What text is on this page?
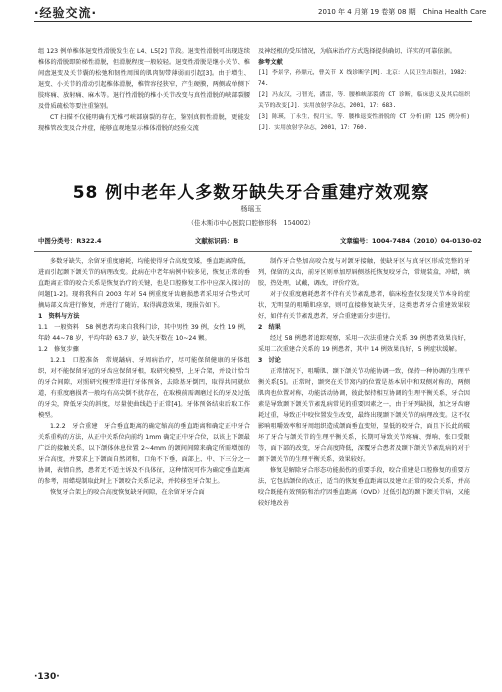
·经验交流·	2010 年 4 月第 19 卷第 08 期　China Health Care

组 123 例单椎体退变性滑脱发生在 L4、L5[2] 节段。退变性滑脱可出现连续椎体的滑脱即阶梯性滑脱，但滑脱程度一般较轻。退变性滑脱是继小关节、椎间盘退变及关节囊的松弛和韧性周围的肌肉韧带薄弱而引起[3]。由于增生、退变、小关节的滑动引起椎体滑脱，椎管容径狭窄，产生硬膜，两侧或单侧下肢疼痛、放射痛、麻木等。退行性滑脱的椎小关节改变与真性滑脱的峡部裂腰及骨质疏松等要注重鉴别。

CT 扫描不仅能明确有无椎弓峡部崩裂的存在，鉴别真假性滑脱，更能发现椎管改变及合并症，能够直观地显示椎体滑脱的经验交流

及神经根的受压情况，为临床治疗方式选择提供确切、详实的可靠依据。

参考文献

[1] 李景学，孙鼎元，曹关节 X 线诊断学[M]．北京：人民卫生出版社，1982：74.
[2] 冯友汉，刁智光，潘雷，等．腰椎峡部裂的 CT 诊断，临床患义及其后组织关节的改变[J]．实用放射学杂志，2001，17：683.
[3] 陈瑛，丁永生，倪月宝，等．腰椎退变性滑脱的 CT 分析(附 125 例分析)[J]．实用放射学杂志，2001，17：760.
58 例中老年人多数牙缺失牙合重建疗效观察
杨瑶玉
（佳木斯市中心医院口腔修形科　154002）
中图分类号：R322.4	文献标识码：B	文章编号：1004-7484（2010）04-0130-02

多数牙缺失，余留牙重度磨耗，均能使得牙合高度变矮，垂直距离降低，进而引起颞下颌关节的病理改变。此病在中老年病例中较多见，恢复正常的垂直距离正常的咬合关系是恢复治疗的关键，也是口腔修复工作中应深入探讨的问题[1-2]。现将我科自 2003 年对 54 例重度牙齿磨损患者采用牙合垫式可摘局部义齿进行修复，并进行了随访，取得满意效果，现报告如下。

1　资料与方法

1.1　一般资料　58 例患者均来自我科门诊，其中男性 39 例，女性 19 例，年龄 44~78 岁，平均年龄 63.7 岁，缺失牙数在 10~24 颗。

1.2　修复步骤

1.2.1　口腔准备　常规龋病、牙周病治疗，尽可能保留健康的牙体组织，对不能保留牙冠的牙齿应保留牙根，取研究模型，上牙合架，并设计恰当的牙合间隙，对照研究模型常进行牙体预备，去除基牙倒凹，取得共同就位道，有重度磨损者一般均有高尖倒不扰存在，在取模前需调磨过长的牙及过低的牙尖，降低牙尖的斜度，尽量使曲线趋于正常[4]。牙体预备结束后取工作模型。

1.2.2　牙合重建　牙合垂直距离的确定缩高的垂直距离和确定正中牙合关系重构的方法，从正中关系位向前约 1mm 确定正中牙合位，以该上下颌最广泛的接触关系，以下颌体休息位置 2~4mm 的颌间间隙来确定所需增加的牙合高度，并要求上下颌面自然闭和，口角不下垂，面部上、中、下三分之一协调，表情自然，患者无不适主诉及不良体征，这种情况可作为确定垂直距离的参考，用蜡堤制取此时上下颌咬合关系记录，并转移至牙合架上。

恢复牙合架上的咬合高度恢复缺牙间隙，在余留牙牙合面

制作牙合垫加高咬合度与对颌牙接触，使缺牙区与真牙区形成完整的牙列，保留的义齿，前牙区则单加厚唇侧基托恢复咬牙合，常规装盒，冲蜡，填胶，热处理，试戴，调改，评价疗效。

对于仅重度磨耗患者不伴有关节紊乱患者，临床检查仅发现关节本身的症状，无明显的咀嚼肌痉挛，则可直接修复缺失牙，这类患者牙合重建效果较好，如伴有关节紊乱患者，牙合重建需分步进行。

2　结果

经过 58 例患者追踪观察，采用一次法重建合关系 39 例患者效果良好，采用二次重建合关系的 19 例患者，其中 14 例效果良好，5 例症状缓解。

3　讨论

正常情况下，咀嚼肌、颞下颌关节功能协调一致，保持一种协调的生理平衡关系[5]。正常时，颞突在关节窝内的位置是基本居中和双侧对称的，两侧肌肉也位置对称，功能活动协调，彼此保持相互协调的生理平衡关系，牙合因素是导致颞下颌关节紊乱病常见的重要因素之一，由于牙列缺损，加之牙齿磨耗过重，导致正中咬位置发生改变，最终出现颞下颌关节的病理改变。这不仅影响咀嚼效率和牙周组织造成颌面垂直变短，显低的咬牙合，面且下长此的破坏了牙合与颌关节的生理平衡关系，长期可导致关节疼痛、弹响、张口受限等，面下部的改变，牙合高度降低，深覆牙合患者及颞下颌关节紊乱病的对于颞下颌关节的生理平衡关系，效果较好。

修复是解除牙合形态功能损伤的重要手段，咬合重建是口腔修复的重要方法，它包括颌位的改正，适当的恢复垂直距离以及建立正常的咬合关系，并高咬合既能有效预防和治疗因垂直距离（OVD）过低引起的颞下颌关节病，又能较好地改善

·130·
